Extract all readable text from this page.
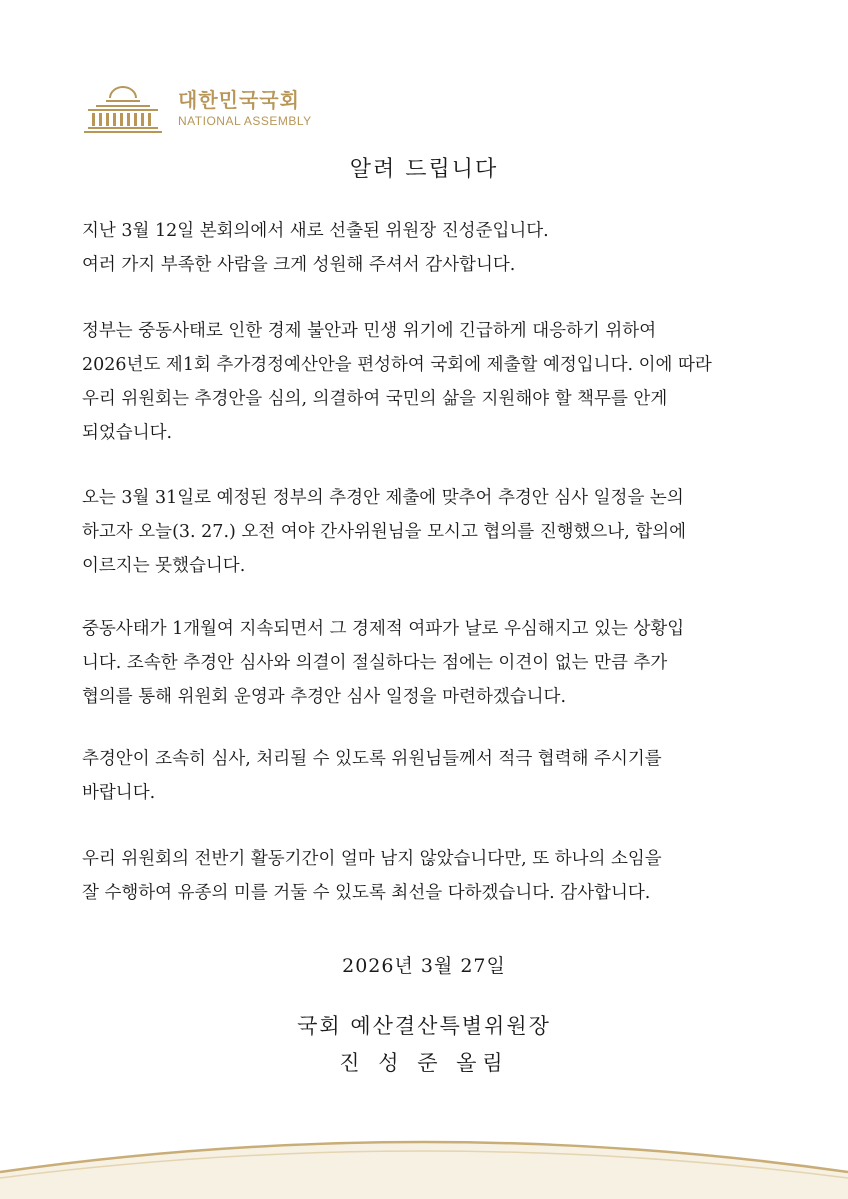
대한민국국회
NATIONAL ASSEMBLY
알려 드립니다
지난 3월 12일 본회의에서 새로 선출된 위원장 진성준입니다.
여러 가지 부족한 사람을 크게 성원해 주셔서 감사합니다.
정부는 중동사태로 인한 경제 불안과 민생 위기에 긴급하게 대응하기 위하여
2026년도 제1회 추가경정예산안을 편성하여 국회에 제출할 예정입니다. 이에 따라
우리 위원회는 추경안을 심의, 의결하여 국민의 삶을 지원해야 할 책무를 안게
되었습니다.
오는 3월 31일로 예정된 정부의 추경안 제출에 맞추어 추경안 심사 일정을 논의
하고자 오늘(3. 27.) 오전 여야 간사위원님을 모시고 협의를 진행했으나, 합의에
이르지는 못했습니다.
중동사태가 1개월여 지속되면서 그 경제적 여파가 날로 우심해지고 있는 상황입
니다. 조속한 추경안 심사와 의결이 절실하다는 점에는 이견이 없는 만큼 추가
협의를 통해 위원회 운영과 추경안 심사 일정을 마련하겠습니다.
추경안이 조속히 심사, 처리될 수 있도록 위원님들께서 적극 협력해 주시기를
바랍니다.
우리 위원회의 전반기 활동기간이 얼마 남지 않았습니다만, 또 하나의 소임을
잘 수행하여 유종의 미를 거둘 수 있도록 최선을 다하겠습니다. 감사합니다.
2026년 3월 27일
국회 예산결산특별위원장
진 성 준 올림
